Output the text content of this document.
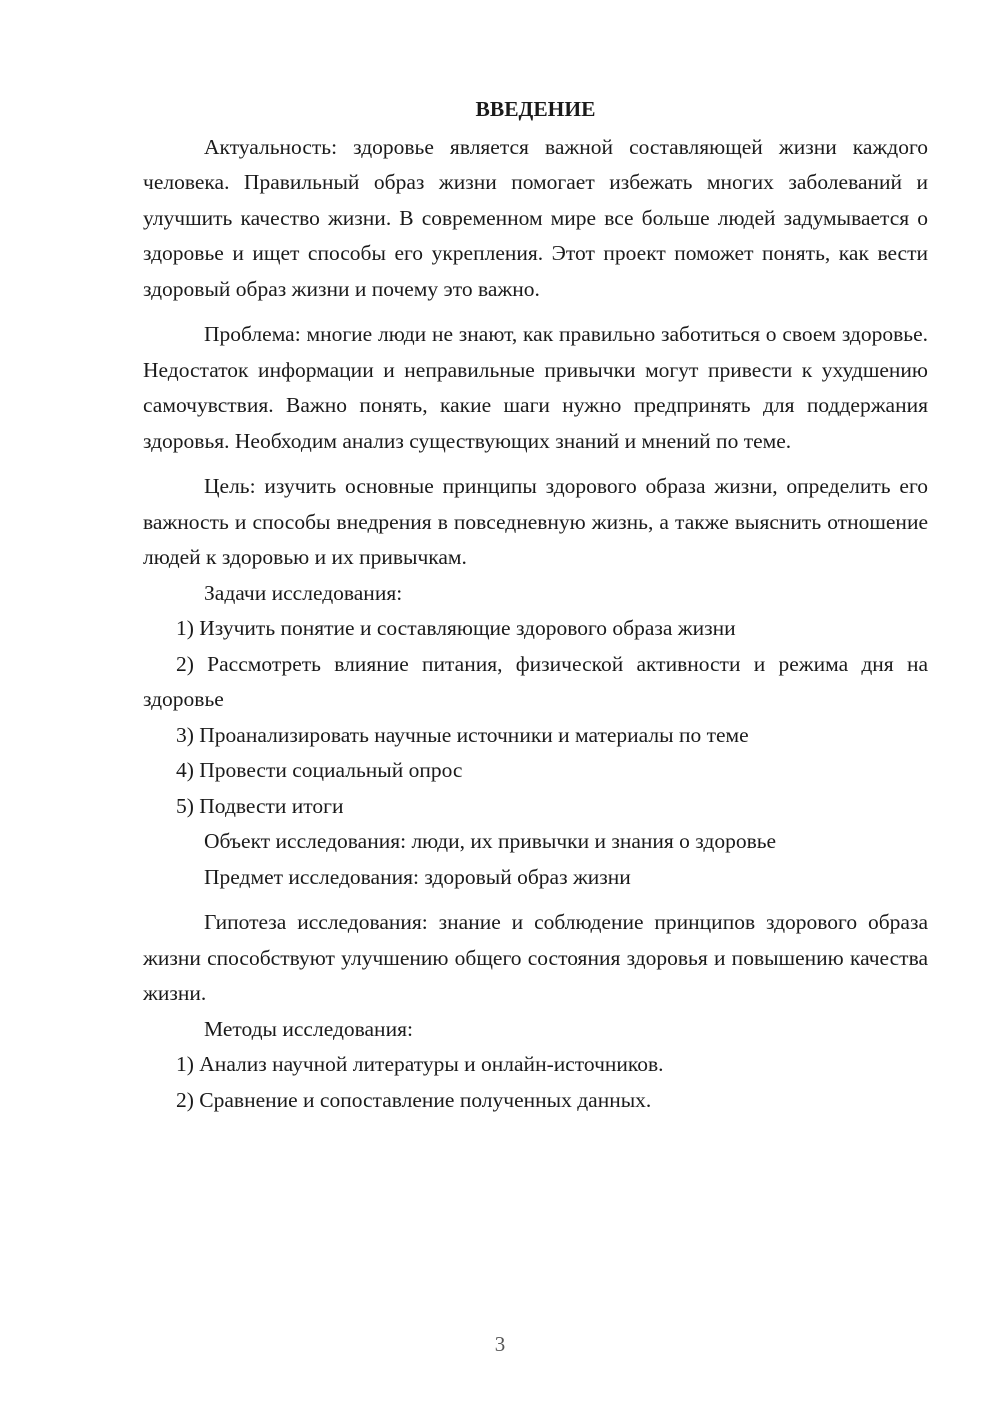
ВВЕДЕНИЕ

Актуальность: здоровье является важной составляющей жизни каждого человека. Правильный образ жизни помогает избежать многих заболеваний и улучшить качество жизни. В современном мире все больше людей задумывается о здоровье и ищет способы его укрепления. Этот проект поможет понять, как вести здоровый образ жизни и почему это важно.

Проблема: многие люди не знают, как правильно заботиться о своем здоровье. Недостаток информации и неправильные привычки могут привести к ухудшению самочувствия. Важно понять, какие шаги нужно предпринять для поддержания здоровья. Необходим анализ существующих знаний и мнений по теме.

Цель: изучить основные принципы здорового образа жизни, определить его важность и способы внедрения в повседневную жизнь, а также выяснить отношение людей к здоровью и их привычкам.

Задачи исследования:

1) Изучить понятие и составляющие здорового образа жизни

2) Рассмотреть влияние питания, физической активности и режима дня на здоровье

3) Проанализировать научные источники и материалы по теме

4) Провести социальный опрос

5) Подвести итоги

Объект исследования: люди, их привычки и знания о здоровье

Предмет исследования: здоровый образ жизни

Гипотеза исследования: знание и соблюдение принципов здорового образа жизни способствуют улучшению общего состояния здоровья и повышению качества жизни.

Методы исследования:

1) Анализ научной литературы и онлайн-источников.

2) Сравнение и сопоставление полученных данных.

3
